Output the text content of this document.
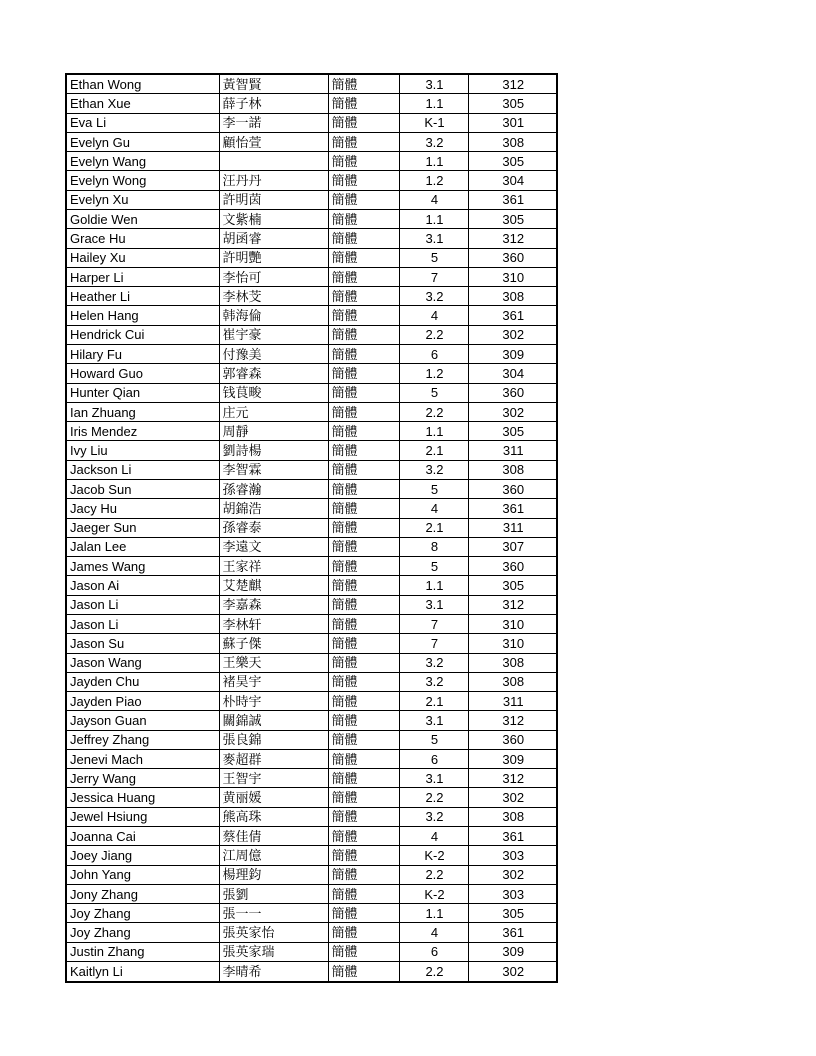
Ethan Wong	黃智賢	簡體	3.1	312
Ethan Xue	薛子林	簡體	1.1	305
Eva Li	李一諾	簡體	K-1	301
Evelyn Gu	顧怡萱	簡體	3.2	308
Evelyn Wang		簡體	1.1	305
Evelyn Wong	汪丹丹	簡體	1.2	304
Evelyn Xu	許明茵	簡體	4	361
Goldie Wen	文紫楠	簡體	1.1	305
Grace Hu	胡函睿	簡體	3.1	312
Hailey Xu	許明艷	簡體	5	360
Harper Li	李怡可	簡體	7	310
Heather Li	李林芠	簡體	3.2	308
Helen Hang	韩海倫	簡體	4	361
Hendrick Cui	崔宇豪	簡體	2.2	302
Hilary Fu	付豫美	簡體	6	309
Howard Guo	郭睿森	簡體	1.2	304
Hunter Qian	钱茛畯	簡體	5	360
Ian Zhuang	庄元	簡體	2.2	302
Iris Mendez	周靜	簡體	1.1	305
Ivy Liu	劉詩楊	簡體	2.1	311
Jackson Li	李智霖	簡體	3.2	308
Jacob Sun	孫睿瀚	簡體	5	360
Jacy Hu	胡錦浩	簡體	4	361
Jaeger Sun	孫睿泰	簡體	2.1	311
Jalan Lee	李遠文	簡體	8	307
James Wang	王家祥	簡體	5	360
Jason Ai	艾楚麒	簡體	1.1	305
Jason Li	李嘉森	簡體	3.1	312
Jason Li	李林轩	簡體	7	310
Jason Su	蘇子傑	簡體	7	310
Jason Wang	王樂天	簡體	3.2	308
Jayden Chu	褚昊宇	簡體	3.2	308
Jayden Piao	朴時宇	簡體	2.1	311
Jayson Guan	關錦誠	簡體	3.1	312
Jeffrey Zhang	張良錦	簡體	5	360
Jenevi Mach	麥超群	簡體	6	309
Jerry Wang	王智宇	簡體	3.1	312
Jessica Huang	黄丽媛	簡體	2.2	302
Jewel Hsiung	熊高珠	簡體	3.2	308
Joanna Cai	蔡佳倩	簡體	4	361
Joey Jiang	江周億	簡體	K-2	303
John Yang	楊理鈞	簡體	2.2	302
Jony Zhang	張劉	簡體	K-2	303
Joy Zhang	張一一	簡體	1.1	305
Joy Zhang	張英家怡	簡體	4	361
Justin Zhang	張英家瑞	簡體	6	309
Kaitlyn Li	李晴希	簡體	2.2	302
